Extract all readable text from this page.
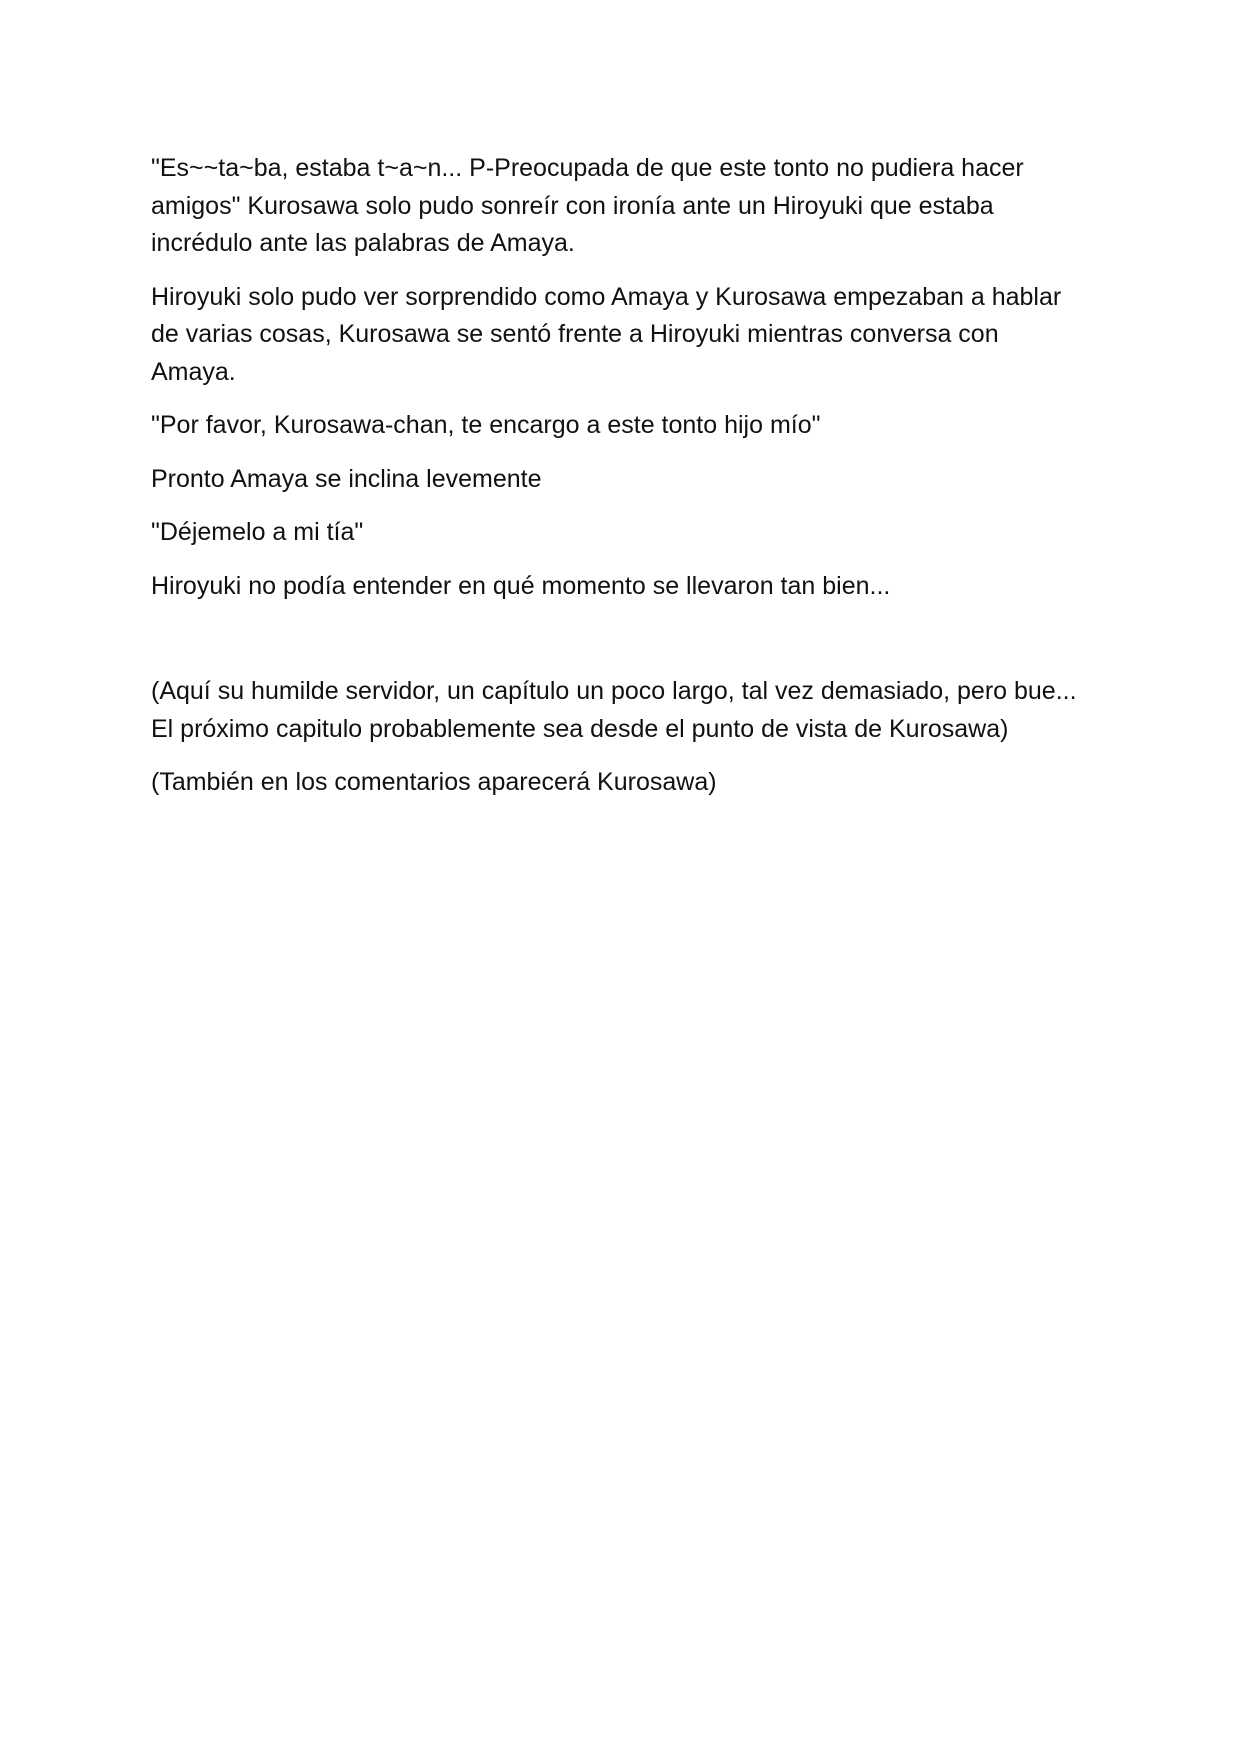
"Es~~ta~ba, estaba t~a~n... P-Preocupada de que este tonto no pudiera hacer amigos" Kurosawa solo pudo sonreír con ironía ante un Hiroyuki que estaba incrédulo ante las palabras de Amaya.

Hiroyuki solo pudo ver sorprendido como Amaya y Kurosawa empezaban a hablar de varias cosas, Kurosawa se sentó frente a Hiroyuki mientras conversa con Amaya.

"Por favor, Kurosawa-chan, te encargo a este tonto hijo mío"

Pronto Amaya se inclina levemente

"Déjemelo a mi tía"

Hiroyuki no podía entender en qué momento se llevaron tan bien...

(Aquí su humilde servidor, un capítulo un poco largo, tal vez demasiado, pero bue... El próximo capitulo probablemente sea desde el punto de vista de Kurosawa)

(También en los comentarios aparecerá Kurosawa)
